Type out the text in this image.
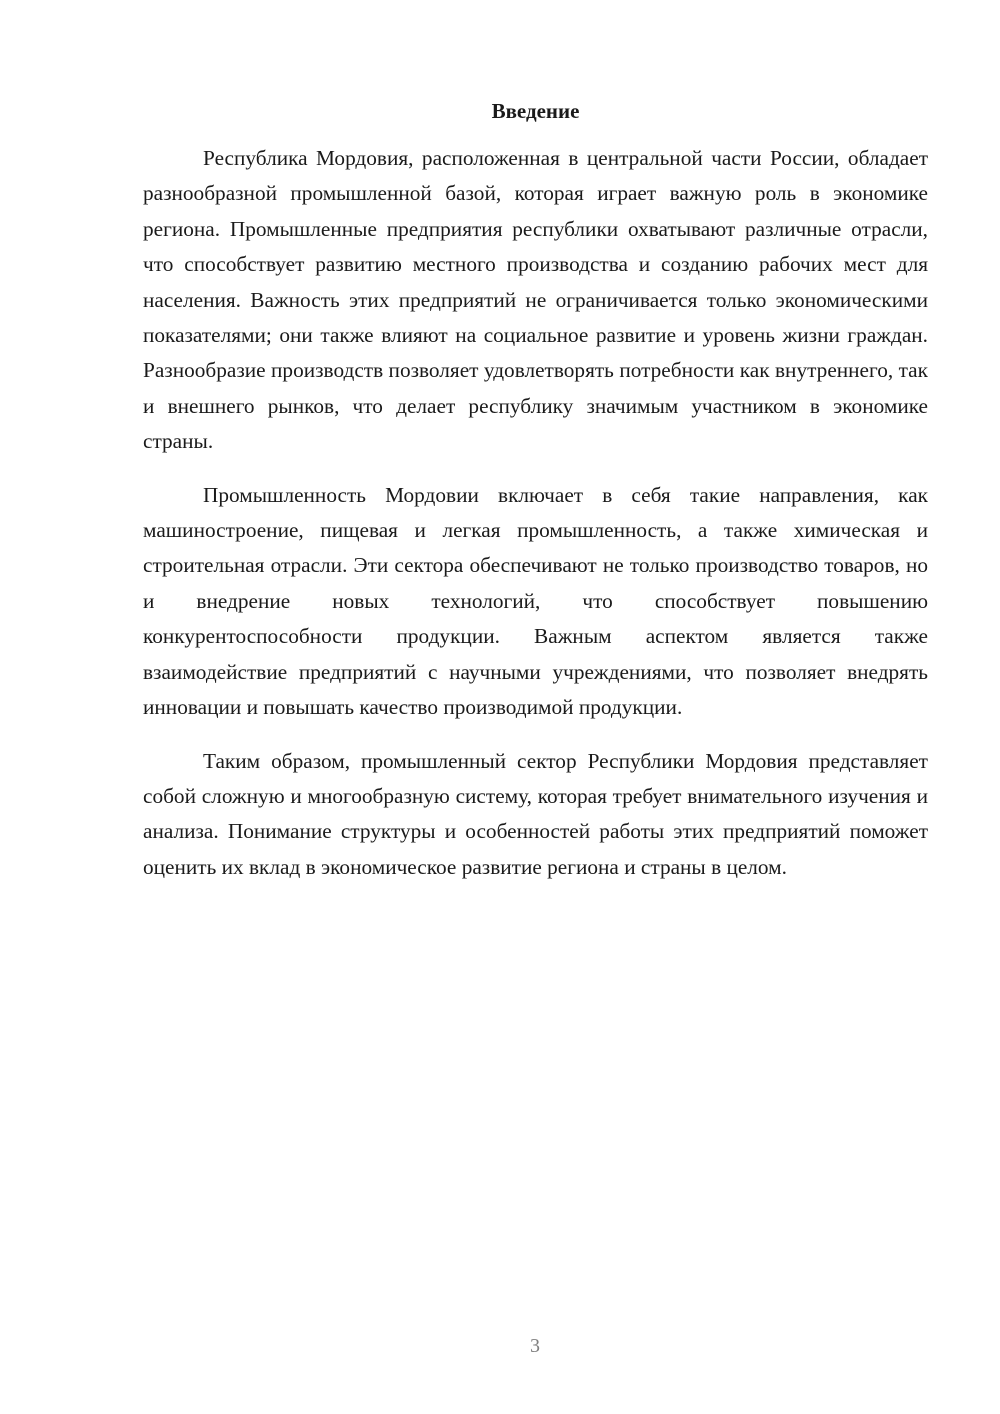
Введение

Республика Мордовия, расположенная в центральной части России, обладает разнообразной промышленной базой, которая играет важную роль в экономике региона. Промышленные предприятия республики охватывают различные отрасли, что способствует развитию местного производства и созданию рабочих мест для населения. Важность этих предприятий не ограничивается только экономическими показателями; они также влияют на социальное развитие и уровень жизни граждан. Разнообразие производств позволяет удовлетворять потребности как внутреннего, так и внешнего рынков, что делает республику значимым участником в экономике страны.

Промышленность Мордовии включает в себя такие направления, как машиностроение, пищевая и легкая промышленность, а также химическая и строительная отрасли. Эти сектора обеспечивают не только производство товаров, но и внедрение новых технологий, что способствует повышению конкурентоспособности продукции. Важным аспектом является также взаимодействие предприятий с научными учреждениями, что позволяет внедрять инновации и повышать качество производимой продукции.

Таким образом, промышленный сектор Республики Мордовия представляет собой сложную и многообразную систему, которая требует внимательного изучения и анализа. Понимание структуры и особенностей работы этих предприятий поможет оценить их вклад в экономическое развитие региона и страны в целом.

3
